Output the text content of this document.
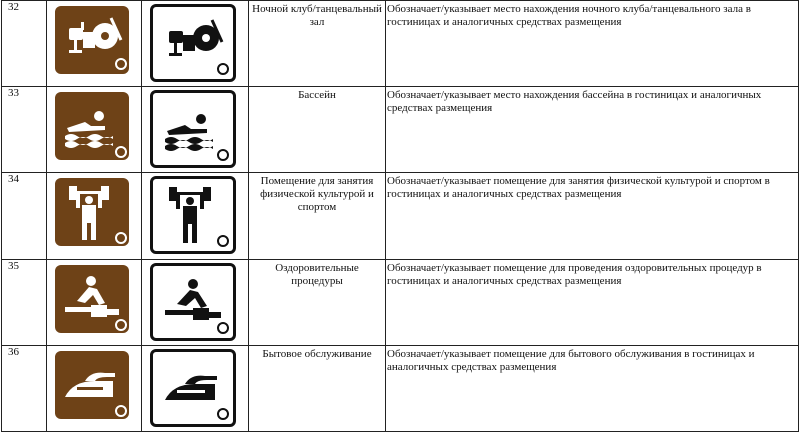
32			Ночной клуб/танцевальный зал	Обозначает/указывает место нахождения ночного клуба/танцевального зала в гостиницах и аналогичных средствах размещения
33			Бассейн	Обозначает/указывает место нахождения бассейна в гостиницах и аналогичных средствах размещения
34			Помещение для занятия физической культурой и спортом	Обозначает/указывает помещение для занятия физической культурой и спортом в гостиницах и аналогичных средствах размещения
35			Оздоровительные процедуры	Обозначает/указывает помещение для проведения оздоровительных процедур в гостиницах и аналогичных средствах размещения
36			Бытовое обслуживание	Обозначает/указывает помещение для бытового обслуживания в гостиницах и аналогичных средствах размещения
